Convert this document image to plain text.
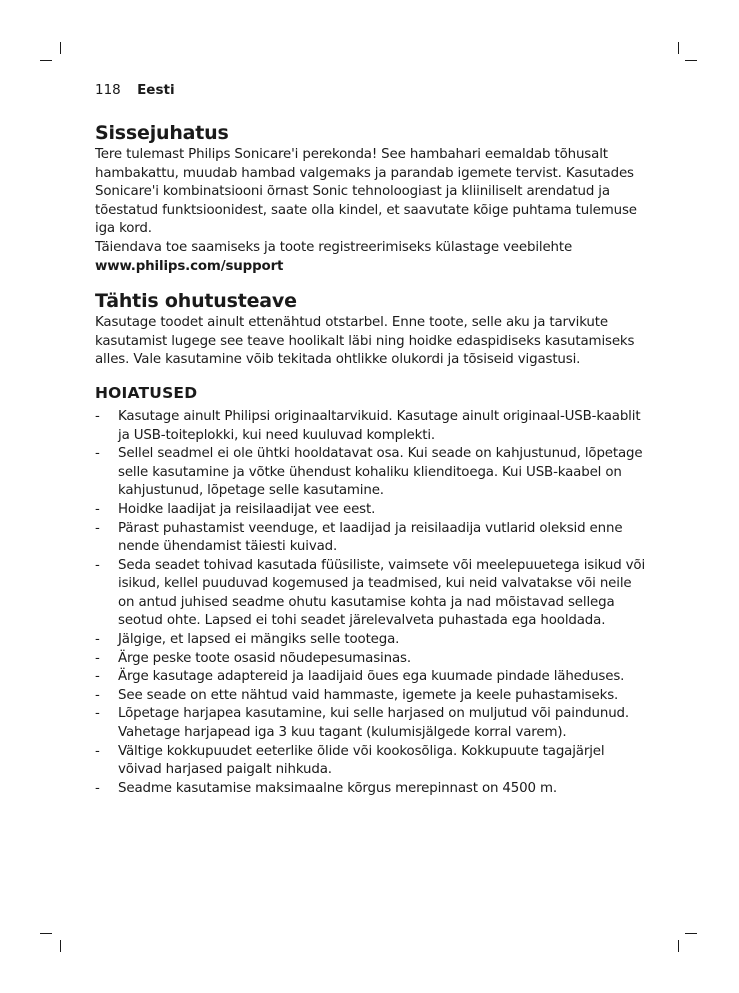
118 Eesti
Sissejuhatus

Tere tulemast Philips Sonicare'i perekonda! See hambahari eemaldab tõhusalt hambakattu, muudab hambad valgemaks ja parandab igemete tervist. Kasutades Sonicare'i kombinatsiooni õrnast Sonic tehnoloogiast ja kliiniliselt arendatud ja tõestatud funktsioonidest, saate olla kindel, et saavutate kõige puhtama tulemuse iga kord.

Täiendava toe saamiseks ja toote registreerimiseks külastage veebilehte

www.philips.com/support

Tähtis ohutusteave

Kasutage toodet ainult ettenähtud otstarbel. Enne toote, selle aku ja tarvikute kasutamist lugege see teave hoolikalt läbi ning hoidke edaspidiseks kasutamiseks alles. Vale kasutamine võib tekitada ohtlikke olukordi ja tõsiseid vigastusi.

HOIATUSED
- Kasutage ainult Philipsi originaaltarvikuid. Kasutage ainult originaal-USB-kaablit ja USB-toiteplokki, kui need kuuluvad komplekti.
- Sellel seadmel ei ole ühtki hooldatavat osa. Kui seade on kahjustunud, lõpetage selle kasutamine ja võtke ühendust kohaliku klienditoega. Kui USB-kaabel on kahjustunud, lõpetage selle kasutamine.
- Hoidke laadijat ja reisilaadijat vee eest.
- Pärast puhastamist veenduge, et laadijad ja reisilaadija vutlarid oleksid enne nende ühendamist täiesti kuivad.
- Seda seadet tohivad kasutada füüsiliste, vaimsete või meelepuuetega isikud või isikud, kellel puuduvad kogemused ja teadmised, kui neid valvatakse või neile on antud juhised seadme ohutu kasutamise kohta ja nad mõistavad sellega seotud ohte. Lapsed ei tohi seadet järelevalveta puhastada ega hooldada.
- Jälgige, et lapsed ei mängiks selle tootega.
- Ärge peske toote osasid nõudepesumasinas.
- Ärge kasutage adaptereid ja laadijaid õues ega kuumade pindade läheduses.
- See seade on ette nähtud vaid hammaste, igemete ja keele puhastamiseks.
- Lõpetage harjapea kasutamine, kui selle harjased on muljutud või paindunud. Vahetage harjapead iga 3 kuu tagant (kulumisjälgede korral varem).
- Vältige kokkupuudet eeterlike õlide või kookosõliga. Kokkupuute tagajärjel võivad harjased paigalt nihkuda.
- Seadme kasutamise maksimaalne kõrgus merepinnast on 4500 m.
